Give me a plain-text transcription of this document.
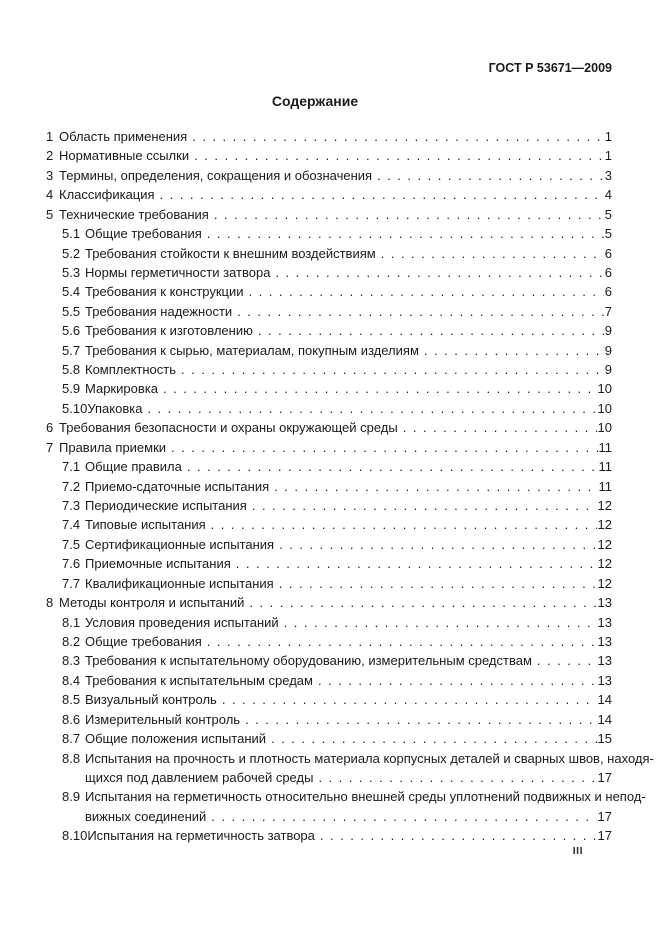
ГОСТ Р 53671—2009
Содержание
1 Область применения .....	1
2 Нормативные ссылки .....	1
3 Термины, определения, сокращения и обозначения .....	3
4 Классификация .....	4
5 Технические требования .....	5
5.1 Общие требования .....	5
5.2 Требования стойкости к внешним воздействиям .....	6
5.3 Нормы герметичности затвора .....	6
5.4 Требования к конструкции .....	6
5.5 Требования надежности .....	7
5.6 Требования к изготовлению .....	9
5.7 Требования к сырью, материалам, покупным изделиям .....	9
5.8 Комплектность .....	9
5.9 Маркировка .....	10
5.10 Упаковка .....	10
6 Требования безопасности и охраны окружающей среды .....	10
7 Правила приемки .....	11
7.1 Общие правила .....	11
7.2 Приемо-сдаточные испытания .....	11
7.3 Периодические испытания .....	12
7.4 Типовые испытания .....	12
7.5 Сертификационные испытания .....	12
7.6 Приемочные испытания .....	12
7.7 Квалификационные испытания .....	12
8 Методы контроля и испытаний .....	13
8.1 Условия проведения испытаний .....	13
8.2 Общие требования .....	13
8.3 Требования к испытательному оборудованию, измерительным средствам .....	13
8.4 Требования к испытательным средам .....	13
8.5 Визуальный контроль .....	14
8.6 Измерительный контроль .....	14
8.7 Общие положения испытаний .....	15
8.8 Испытания на прочность и плотность материала корпусных деталей и сварных швов, находя-
щихся под давлением рабочей среды .....	17
8.9 Испытания на герметичность относительно внешней среды уплотнений подвижных и непод-
вижных соединений .....	17
8.10 Испытания на герметичность затвора .....	17
III
